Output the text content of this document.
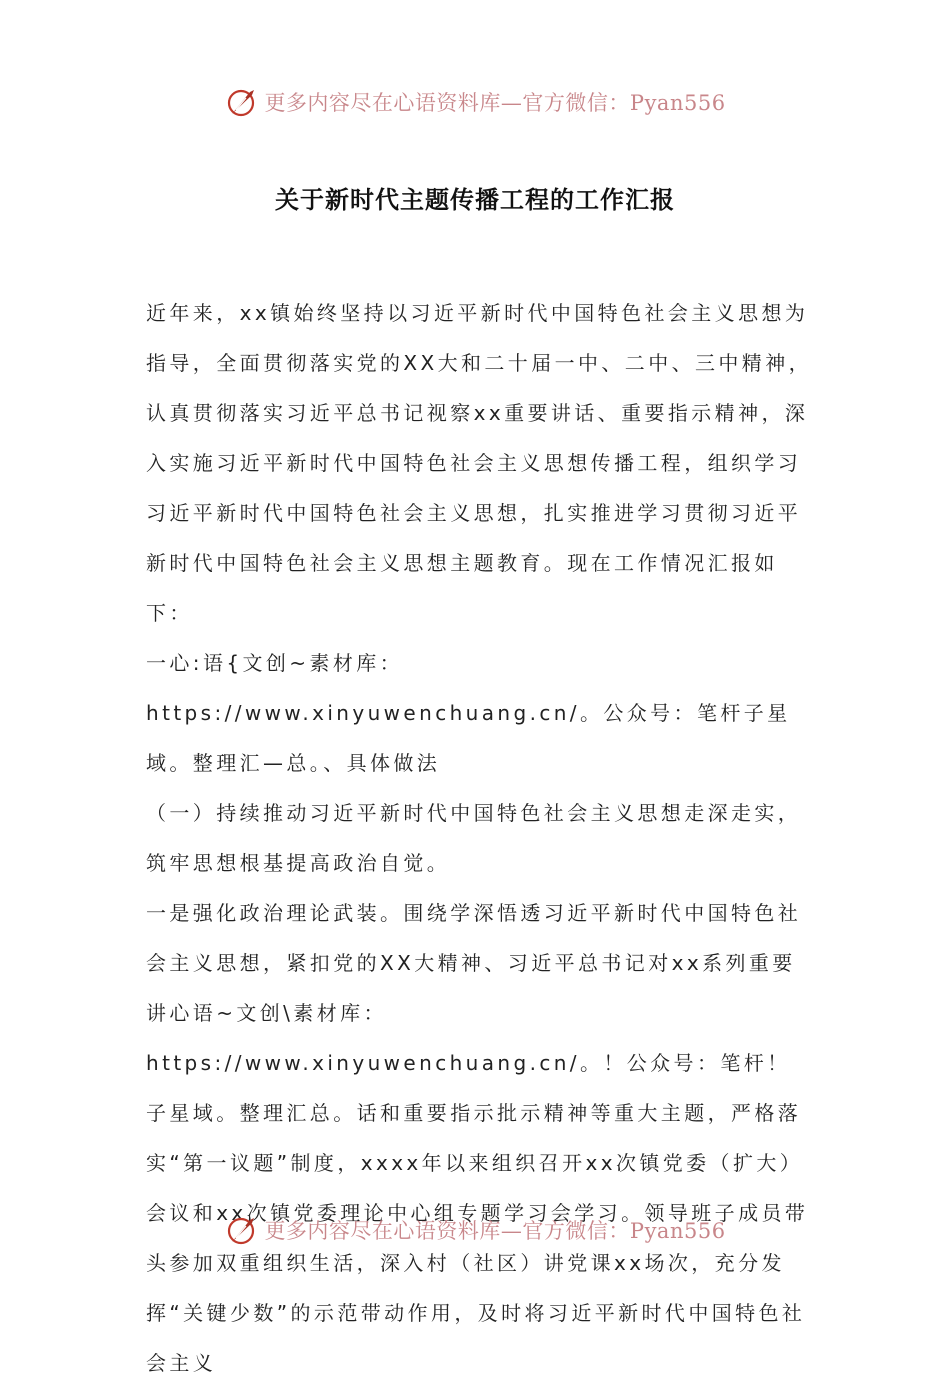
更多内容尽在心语资料库—官方微信：Pyan556
关于新时代主题传播工程的工作汇报

近年来，xx镇始终坚持以习近平新时代中国特色社会主义思想为指导，全面贯彻落实党的XX大和二十届一中、二中、三中精神，认真贯彻落实习近平总书记视察xx重要讲话、重要指示精神，深入实施习近平新时代中国特色社会主义思想传播工程，组织学习习近平新时代中国特色社会主义思想，扎实推进学习贯彻习近平新时代中国特色社会主义思想主题教育。现在工作情况汇报如下：

一心:语{文创~素材库：https://www.xinyuwenchuang.cn/。公众号：笔杆子星域。整理汇—总。、具体做法

（一）持续推动习近平新时代中国特色社会主义思想走深走实，筑牢思想根基提高政治自觉。

一是强化政治理论武装。围绕学深悟透习近平新时代中国特色社会主义思想，紧扣党的XX大精神、习近平总书记对xx系列重要讲心语~文创\素材库：https://www.xinyuwenchuang.cn/。！公众号：笔杆！子星域。整理汇总。话和重要指示批示精神等重大主题，严格落实“第一议题”制度，xxxx年以来组织召开xx次镇党委（扩大）会议和xx次镇党委理论中心组专题学习会学习。领导班子成员带头参加双重组织生活，深入村（社区）讲党课xx场次，充分发挥“关键少数”的示范带动作用，及时将习近平新时代中国特色社会主义

更多内容尽在心语资料库—官方微信：Pyan556
